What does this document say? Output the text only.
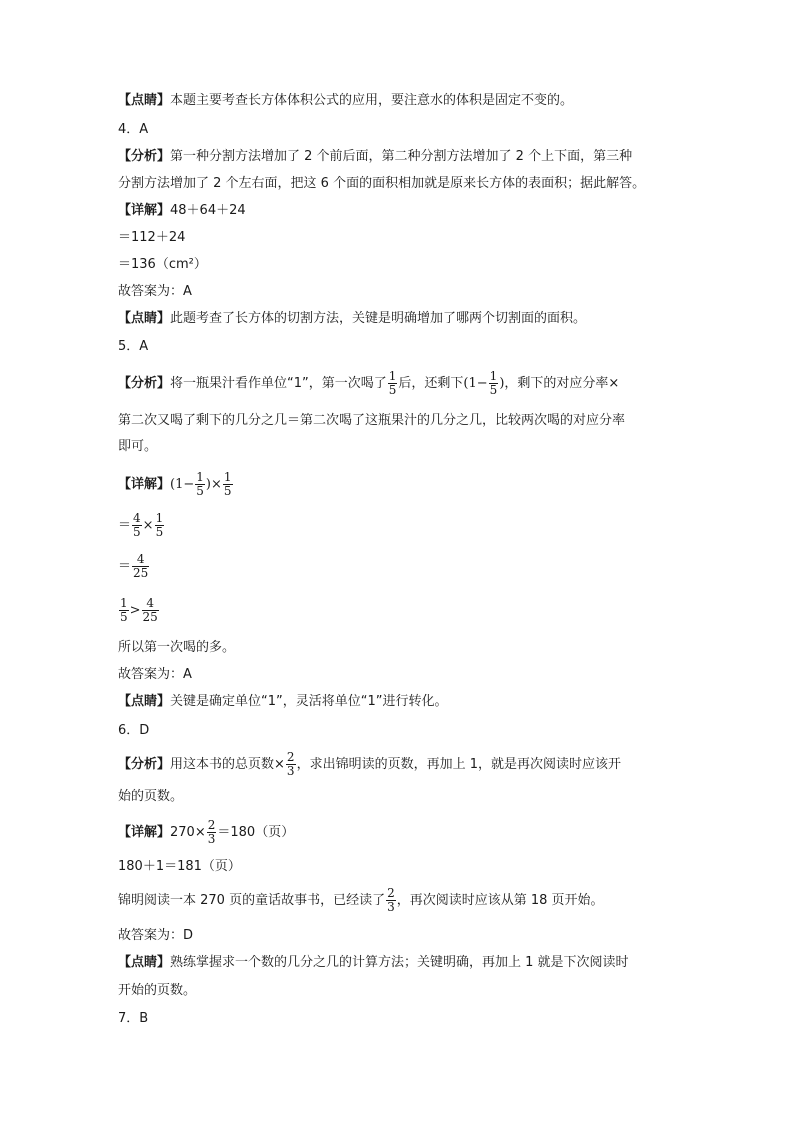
【点睛】本题主要考查长方体体积公式的应用，要注意水的体积是固定不变的。
4．A
【分析】第一种分割方法增加了 2 个前后面，第二种分割方法增加了 2 个上下面，第三种
分割方法增加了 2 个左右面，把这 6 个面的面积相加就是原来长方体的表面积；据此解答。
【详解】48＋64＋24
＝112＋24
＝136（cm²）
故答案为：A
【点睛】此题考查了长方体的切割方法，关键是明确增加了哪两个切割面的面积。
5．A
【分析】将一瓶果汁看作单位“1”，第一次喝了 $\frac{1}{5}$ 后，还剩下($1- \frac{1}{5}$ )，剩下的对应分率×
第二次又喝了剩下的几分之几＝第二次喝了这瓶果汁的几分之几，比较两次喝的对应分率
即可。
【详解】($1- \frac{1}{5}$ )× $\frac{1}{5}$
＝ $\frac{4}{5} \times \frac{1}{5}$
＝ $\frac{4}{25}$
$\frac{1}{5} > \frac{4}{25}$
所以第一次喝的多。
故答案为：A
【点睛】关键是确定单位“1”，灵活将单位“1”进行转化。
6．D
【分析】用这本书的总页数× $\frac{2}{3}$ ，求出锦明读的页数，再加上 1，就是再次阅读时应该开
始的页数。
【详解】$270\times \frac{2}{3} =180$（页）
180＋1＝181（页）
锦明阅读一本 270 页的童话故事书，已经读了 $\frac{2}{3}$ ，再次阅读时应该从第 18 页开始。
故答案为：D
【点睛】熟练掌握求一个数的几分之几的计算方法；关键明确，再加上 1 就是下次阅读时
开始的页数。
7．B
